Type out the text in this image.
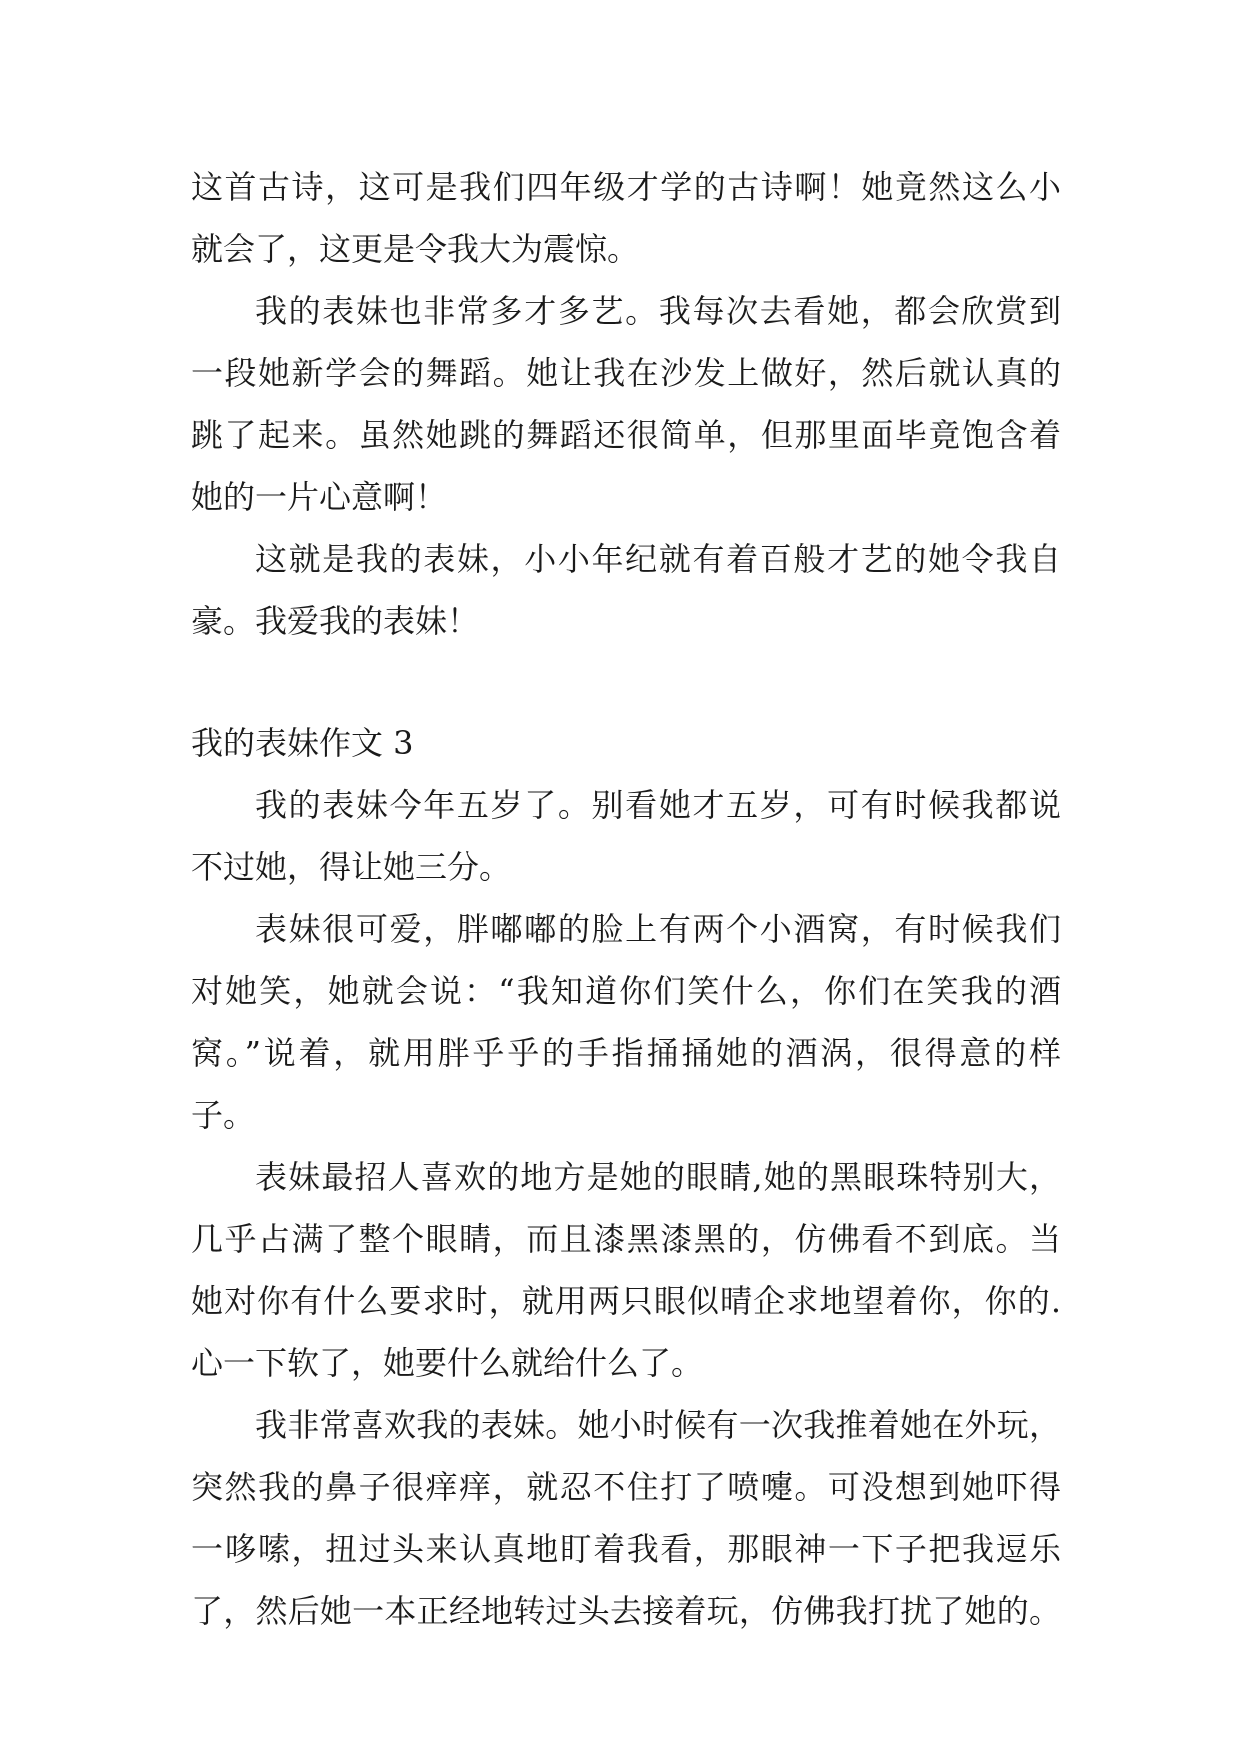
这首古诗，这可是我们四年级才学的古诗啊！她竟然这么小
就会了，这更是令我大为震惊。
我的表妹也非常多才多艺。我每次去看她，都会欣赏到
一段她新学会的舞蹈。她让我在沙发上做好，然后就认真的
跳了起来。虽然她跳的舞蹈还很简单，但那里面毕竟饱含着
她的一片心意啊！
这就是我的表妹，小小年纪就有着百般才艺的她令我自
豪。我爱我的表妹！
我的表妹作文 3
我的表妹今年五岁了。别看她才五岁，可有时候我都说
不过她，得让她三分。
表妹很可爱，胖嘟嘟的脸上有两个小酒窝，有时候我们
对她笑，她就会说：“我知道你们笑什么，你们在笑我的酒
窝。”说着，就用胖乎乎的手指捅捅她的酒涡，很得意的样
子。
表妹最招人喜欢的地方是她的眼睛,她的黑眼珠特别大，
几乎占满了整个眼睛，而且漆黑漆黑的，仿佛看不到底。当
她对你有什么要求时，就用两只眼似晴企求地望着你，你的.
心一下软了，她要什么就给什么了。
我非常喜欢我的表妹。她小时候有一次我推着她在外玩，
突然我的鼻子很痒痒，就忍不住打了喷嚏。可没想到她吓得
一哆嗦，扭过头来认真地盯着我看，那眼神一下子把我逗乐
了，然后她一本正经地转过头去接着玩，仿佛我打扰了她的。
